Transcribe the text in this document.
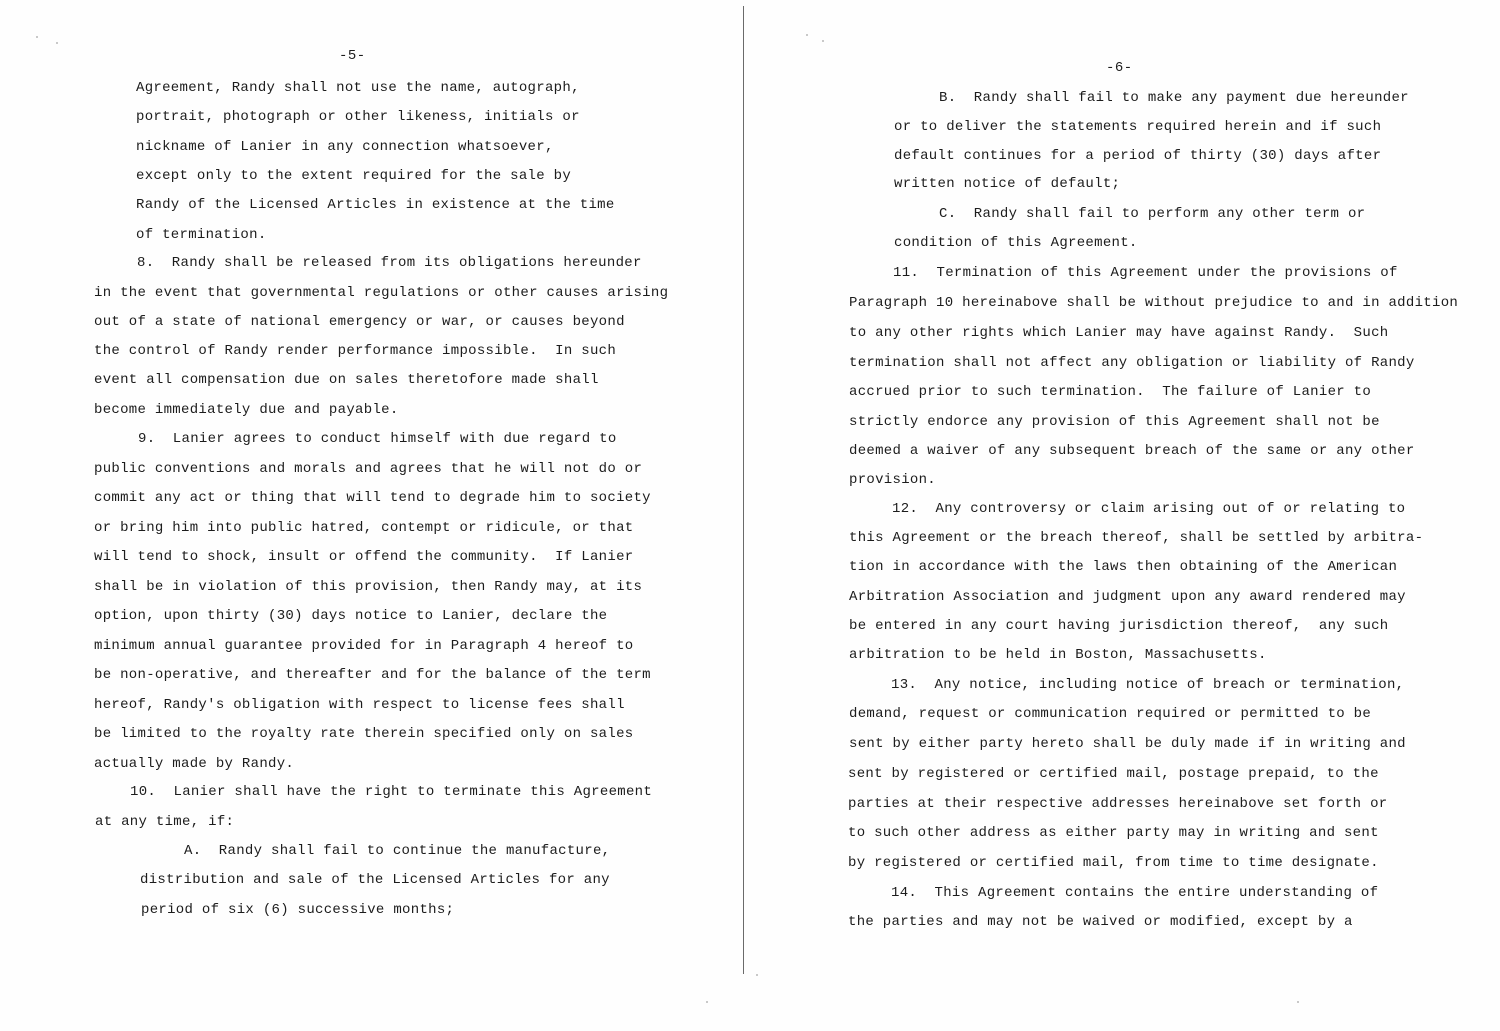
-5-
Agreement, Randy shall not use the name, autograph,
portrait, photograph or other likeness, initials or
nickname of Lanier in any connection whatsoever,
except only to the extent required for the sale by
Randy of the Licensed Articles in existence at the time
of termination.
8.  Randy shall be released from its obligations hereunder
in the event that governmental regulations or other causes arising
out of a state of national emergency or war, or causes beyond
the control of Randy render performance impossible.  In such
event all compensation due on sales theretofore made shall
become immediately due and payable.
9.  Lanier agrees to conduct himself with due regard to
public conventions and morals and agrees that he will not do or
commit any act or thing that will tend to degrade him to society
or bring him into public hatred, contempt or ridicule, or that
will tend to shock, insult or offend the community.  If Lanier
shall be in violation of this provision, then Randy may, at its
option, upon thirty (30) days notice to Lanier, declare the
minimum annual guarantee provided for in Paragraph 4 hereof to
be non-operative, and thereafter and for the balance of the term
hereof, Randy's obligation with respect to license fees shall
be limited to the royalty rate therein specified only on sales
actually made by Randy.
10.  Lanier shall have the right to terminate this Agreement
at any time, if:
A.  Randy shall fail to continue the manufacture,
distribution and sale of the Licensed Articles for any
period of six (6) successive months;
-6-
B.  Randy shall fail to make any payment due hereunder
or to deliver the statements required herein and if such
default continues for a period of thirty (30) days after
written notice of default;
C.  Randy shall fail to perform any other term or
condition of this Agreement.
11.  Termination of this Agreement under the provisions of
Paragraph 10 hereinabove shall be without prejudice to and in addition
to any other rights which Lanier may have against Randy.  Such
termination shall not affect any obligation or liability of Randy
accrued prior to such termination.  The failure of Lanier to
strictly endorce any provision of this Agreement shall not be
deemed a waiver of any subsequent breach of the same or any other
provision.
12.  Any controversy or claim arising out of or relating to
this Agreement or the breach thereof, shall be settled by arbitra-
tion in accordance with the laws then obtaining of the American
Arbitration Association and judgment upon any award rendered may
be entered in any court having jurisdiction thereof,  any such
arbitration to be held in Boston, Massachusetts.
13.  Any notice, including notice of breach or termination,
demand, request or communication required or permitted to be
sent by either party hereto shall be duly made if in writing and
sent by registered or certified mail, postage prepaid, to the
parties at their respective addresses hereinabove set forth or
to such other address as either party may in writing and sent
by registered or certified mail, from time to time designate.
14.  This Agreement contains the entire understanding of
the parties and may not be waived or modified, except by a
